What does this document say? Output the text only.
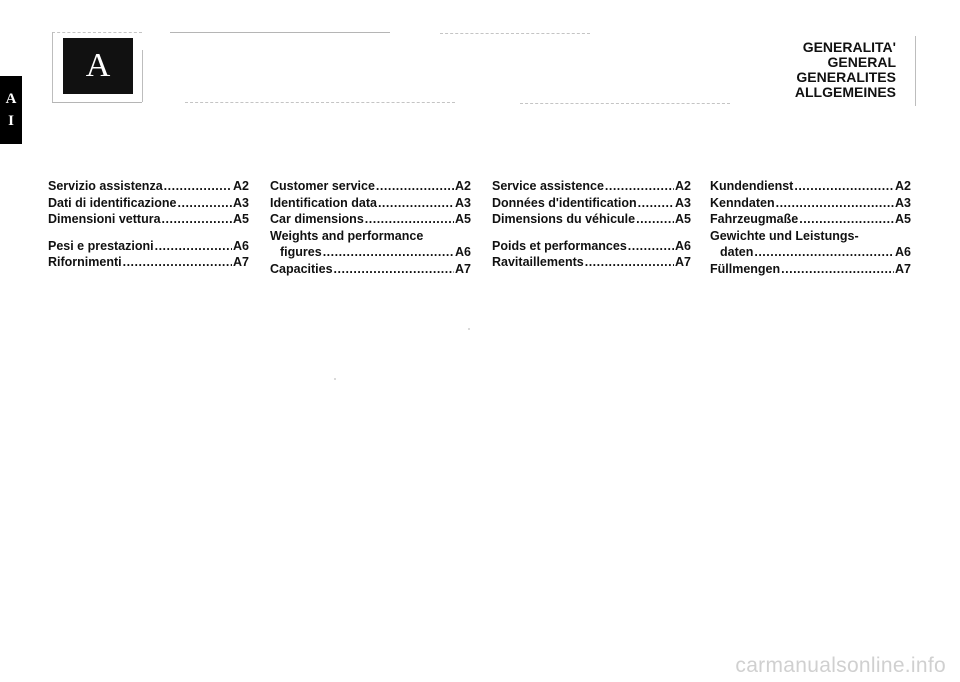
A
I
A	GENERALITA'
GENERAL
GENERALITES
ALLGEMEINES
Servizio assistenza .....	A2
Dati di identificazione .....	A3
Dimensioni vettura .....	A5
Pesi e prestazioni .....	A6
Rifornimenti .....	A7
Customer service .....	A2
Identification data .....	A3
Car dimensions .....	A5
Weights and performance
figures .....	A6
Capacities .....	A7
Service assistence .....	A2
Données d'identification .....	A3
Dimensions du véhicule .....	A5
Poids et performances .....	A6
Ravitaillements .....	A7
Kundendienst .....	A2
Kenndaten .....	A3
Fahrzeugmaße .....	A5
Gewichte und Leistungs-
daten .....	A6
Füllmengen .....	A7
carmanualsonline.info
